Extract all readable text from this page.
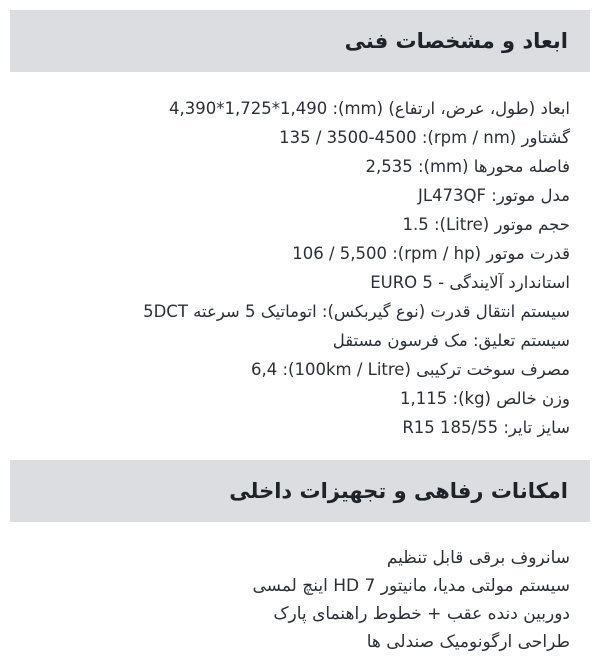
ابعاد و مشخصات فنی
ابعاد (طول، عرض، ارتفاع) (mm): 4,390*1,725*1,490
گشتاور (rpm / nm): 135 / 3500-4500
فاصله محورها (mm): 2,535
مدل موتور: JL473QF
حجم موتور (Litre): 1.5
قدرت موتور (rpm / hp): 106 / 5,500
استاندارد آلایندگی - EURO 5
سیستم انتقال قدرت (نوع گیربکس): اتوماتیک 5 سرعته 5DCT
سیستم تعلیق: مک فرسون مستقل
مصرف سوخت ترکیبی (100km / Litre): 6,4
وزن خالص (kg): 1,115
سایز تایر: R15 185/55
امکانات رفاهی و تجهیزات داخلی
سانروف برقی قابل تنظیم
سیستم مولتی مدیا، مانیتور HD 7 اینچ لمسی
دوربین دنده عقب + خطوط راهنمای پارک
طراحی ارگونومیک صندلی ها
